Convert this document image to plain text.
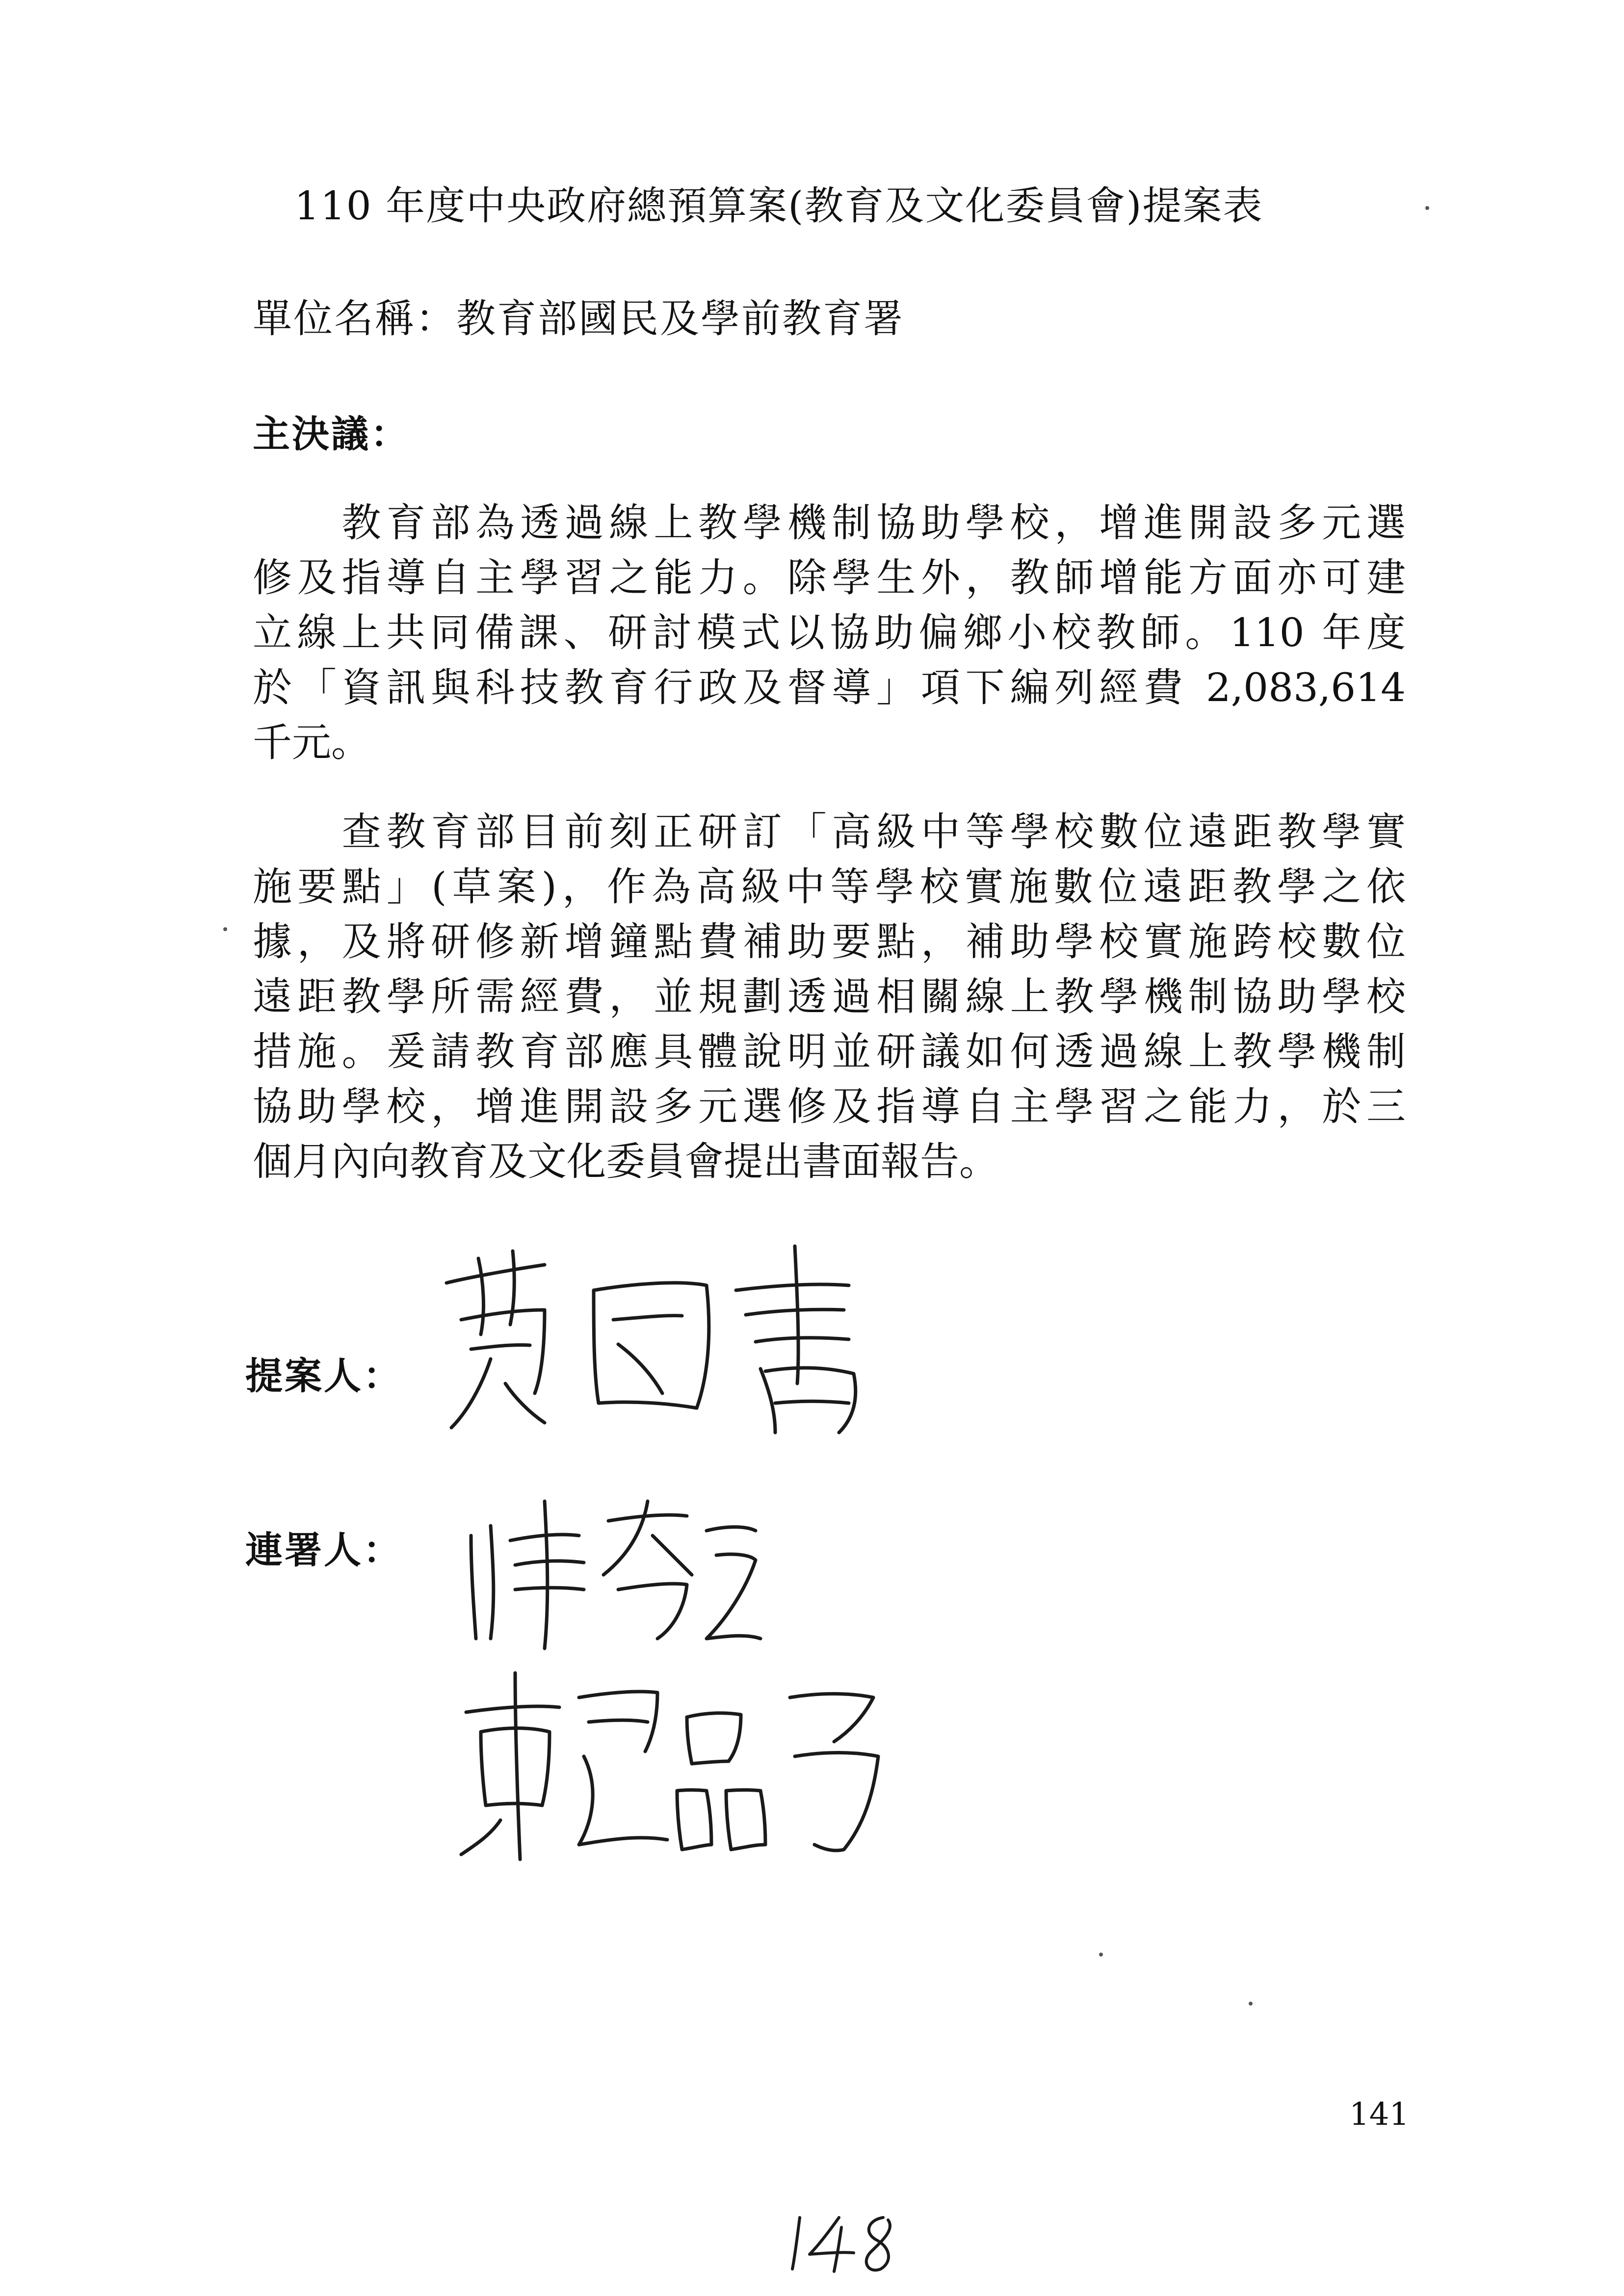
110 年度中央政府總預算案(教育及文化委員會)提案表
單位名稱：教育部國民及學前教育署
主決議：
　　教育部為透過線上教學機制協助學校，增進開設多元選
修及指導自主學習之能力。除學生外，教師增能方面亦可建
立線上共同備課、研討模式以協助偏鄉小校教師。110 年度
於「資訊與科技教育行政及督導」項下編列經費 2,083,614
千元。
　　查教育部目前刻正研訂「高級中等學校數位遠距教學實
施要點」(草案)，作為高級中等學校實施數位遠距教學之依
據，及將研修新增鐘點費補助要點，補助學校實施跨校數位
遠距教學所需經費，並規劃透過相關線上教學機制協助學校
措施。爰請教育部應具體說明並研議如何透過線上教學機制
協助學校，增進開設多元選修及指導自主學習之能力，於三
個月內向教育及文化委員會提出書面報告。
提案人：
連署人：
141
